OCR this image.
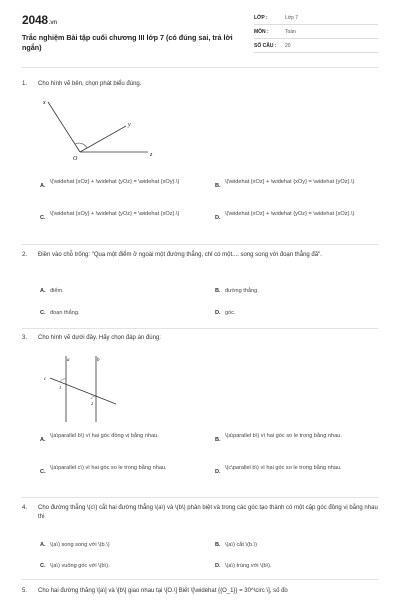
2048.vn
Trắc nghiệm Bài tập cuối chương III lớp 7 (có đúng sai, trả lời ngắn)
LỚP :	Lớp 7
MÔN :	Toán
SỐ CÂU : 20
1. Cho hình vẽ bên, chọn phát biểu đúng.
x
y
z
O
A.
\(\widehat {xOz} + \widehat {yOz} = \widehat {xOy}.\)
B.
\(\widehat {xOz} + \widehat {xOy} = \widehat {yOz}.\)
C.
\(\widehat {xOy} + \widehat {yOz} = \widehat {xOz}.\)
D.
\(\widehat {xOz} + \widehat {yOz} = \widehat {xOz}.\)
2. Điền vào chỗ trống: "Qua một điểm ở ngoài một đường thẳng, chỉ có một.... song song với đoạn thẳng đã".
A. điểm.	B. đường thẳng.
C. đoạn thẳng.	D. góc.
3. Cho hình vẽ dưới đây. Hãy chọn đáp án đúng:
a	b
c
1
2
A.
\(a\parallel b\) vì hai góc đồng vị bằng nhau.
B.
\(a\parallel b\) vì hai góc so le trong bằng nhau.
C.
\(a\parallel c\) vì hai góc so le trong bằng nhau.
D.
\(c\parallel b\) vì hai góc so le trong bằng nhau.
4. Cho đường thẳng \(c\) cắt hai đường thẳng \(a\) và \(b\) phân biệt và trong các góc tạo thành có một cặp góc đồng vị bằng nhau thì
A. \(a\) song song với \(b.\)	B. \(a\) cắt \(b.\)
C. \(a\) vuông góc với \(b\).	D. \(a\) trùng với \(b\).
5. Cho hai đường thẳng \[a\] và \[b\] giao nhau tại \[O.\] Biết \[\widehat {{O_1}} = 30^\circ \], số đo
